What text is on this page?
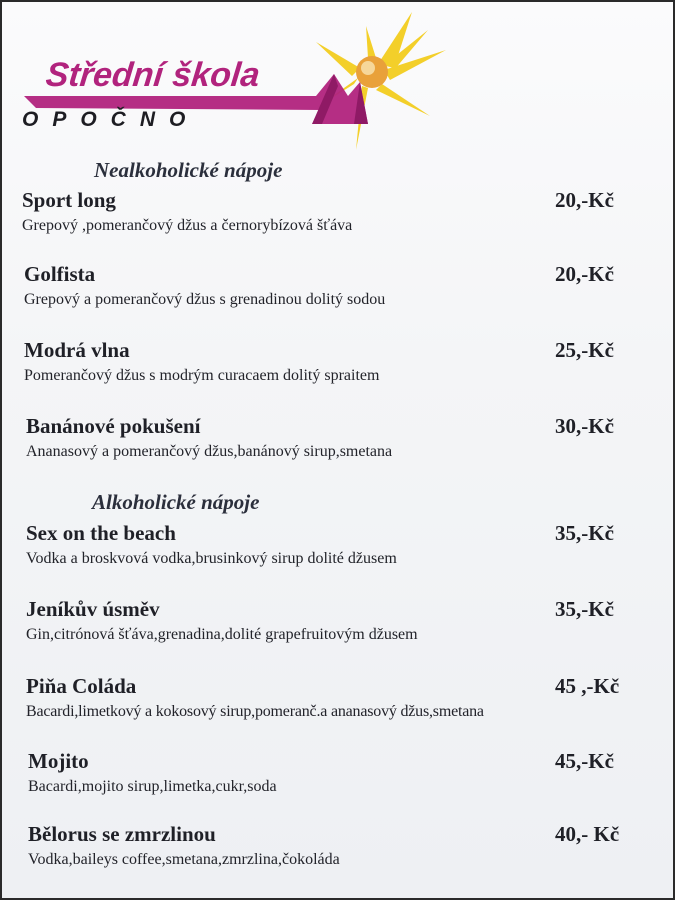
Střední škola
OPOČNO
Nealkoholické nápoje
Sport long
Grepový ,pomerančový džus a černorybízová šťáva
20,-Kč
Golfista
Grepový a pomerančový džus s grenadinou dolitý sodou
20,-Kč
Modrá vlna
Pomerančový džus s modrým curacaem dolitý spraitem
25,-Kč
Banánové pokušení
Ananasový a pomerančový džus,banánový sirup,smetana
30,-Kč
Alkoholické nápoje
Sex on the beach
Vodka a broskvová vodka,brusinkový sirup dolité džusem
35,-Kč
Jeníkův úsměv
Gin,citrónová šťáva,grenadina,dolité grapefruitovým džusem
35,-Kč
Piňa Coláda
Bacardi,limetkový a kokosový sirup,pomeranč.a ananasový džus,smetana
45 ,-Kč
Mojito
Bacardi,mojito sirup,limetka,cukr,soda
45,-Kč
Bělorus se zmrzlinou
Vodka,baileys coffee,smetana,zmrzlina,čokoláda
40,- Kč
